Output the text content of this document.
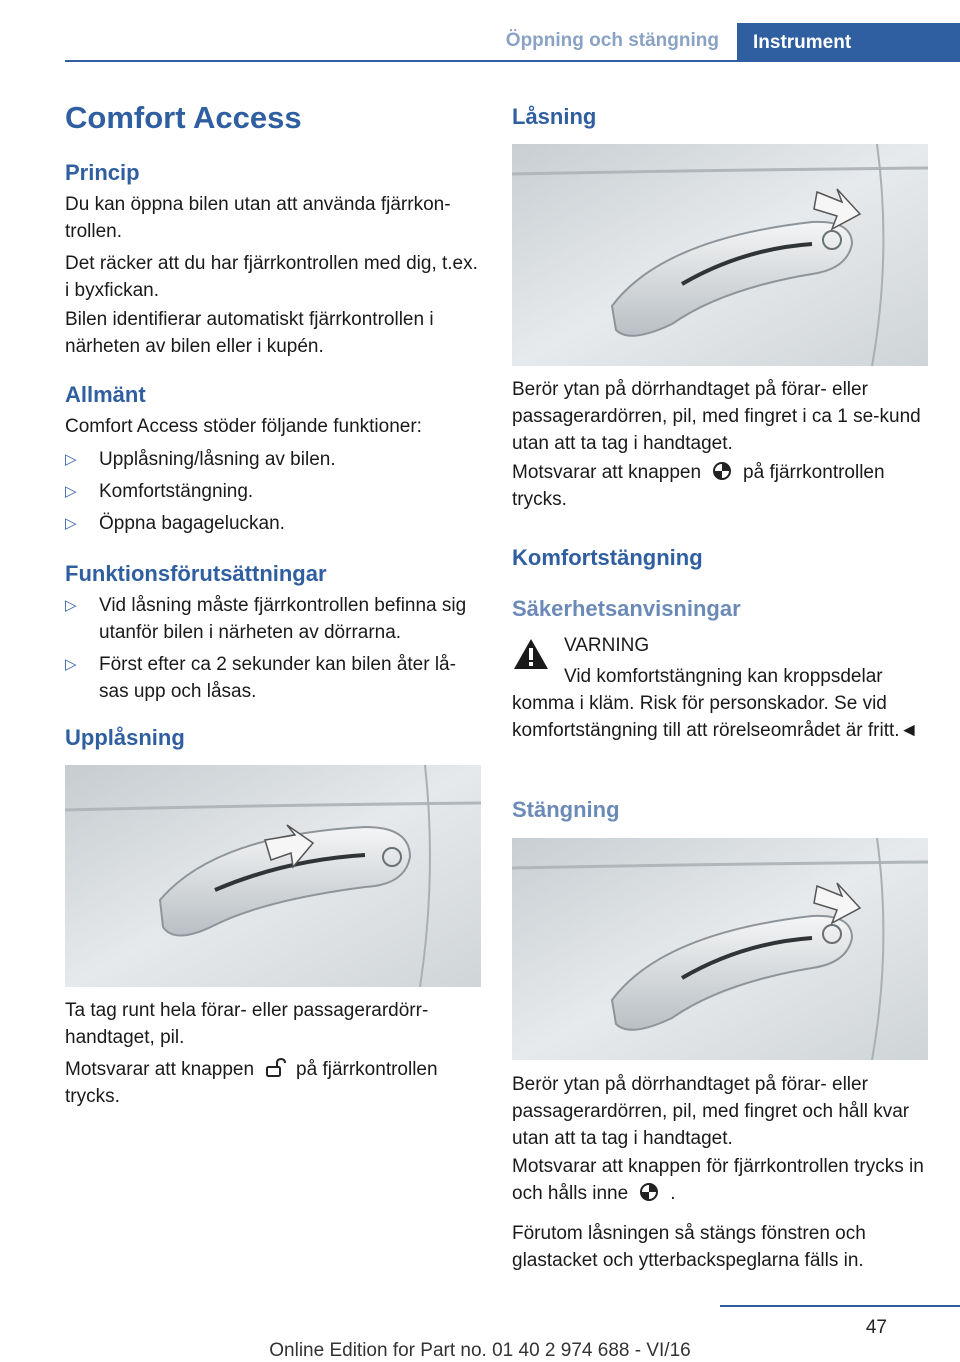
Öppning och stängning	Instrument
Comfort Access
Princip
Du kan öppna bilen utan att använda fjärrkon-trollen.
Det räcker att du har fjärrkontrollen med dig, t.ex. i byxfickan.
Bilen identifierar automatiskt fjärrkontrollen i närheten av bilen eller i kupén.
Allmänt
Comfort Access stöder följande funktioner:
▷ Upplåsning/låsning av bilen.
▷ Komfortstängning.
▷ Öppna bagageluckan.
Funktionsförutsättningar
▷ Vid låsning måste fjärrkontrollen befinna sig utanför bilen i närheten av dörrarna.
▷ Först efter ca 2 sekunder kan bilen åter lå-sas upp och låsas.
Upplåsning
Ta tag runt hela förar- eller passagerardörr-handtaget, pil.
Motsvarar att knappen på fjärrkontrollen trycks.
Låsning
Berör ytan på dörrhandtaget på förar- eller passagerardörren, pil, med fingret i ca 1 se-kund utan att ta tag i handtaget.
Motsvarar att knappen på fjärrkontrollen trycks.
Komfortstängning
Säkerhetsanvisningar
VARNING
Vid komfortstängning kan kroppsdelar komma i kläm. Risk för personskador. Se vid komfortstängning till att rörelseområdet är fritt.◄
Stängning
Berör ytan på dörrhandtaget på förar- eller passagerardörren, pil, med fingret och håll kvar utan att ta tag i handtaget.
Motsvarar att knappen för fjärrkontrollen trycks in och hålls inne .
Förutom låsningen så stängs fönstren och glastacket och ytterbackspeglarna fälls in.
47
Online Edition for Part no. 01 40 2 974 688 - VI/16
